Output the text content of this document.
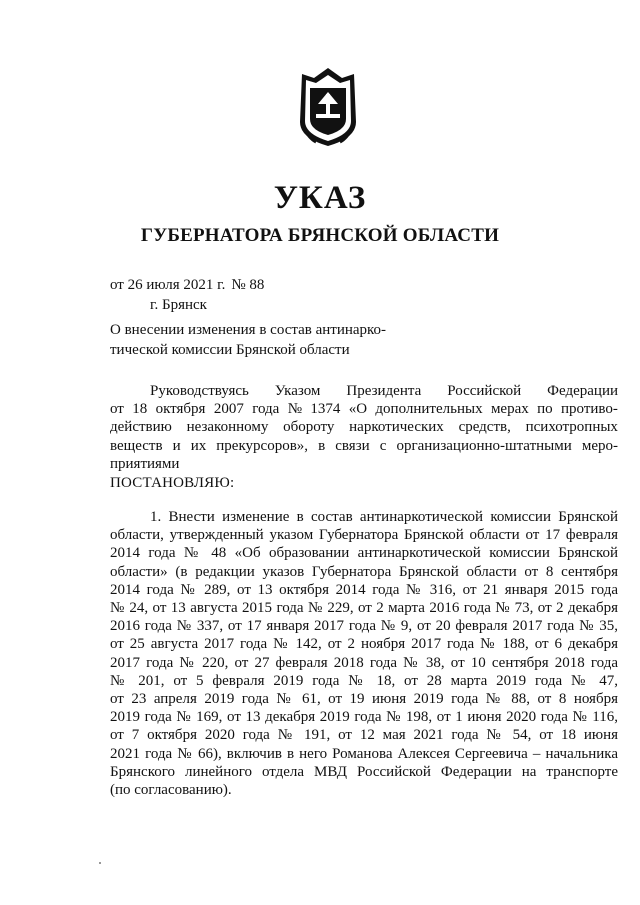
УКАЗ
ГУБЕРНАТОРА БРЯНСКОЙ ОБЛАСТИ
от 26 июля 2021 г. № 88
г. Брянск
О внесении изменения в состав антинарко-
тической комиссии Брянской области
Руководствуясь Указом Президента Российской Федерации
от 18 октября 2007 года № 1374 «О дополнительных мерах по противо-
действию незаконному обороту наркотических средств, психотропных
веществ и их прекурсоров», в связи с организационно-штатными меро-
приятиями
ПОСТАНОВЛЯЮ:
1. Внести изменение в состав антинаркотической комиссии Брянской
области, утвержденный указом Губернатора Брянской области от 17 февраля
2014 года № 48 «Об образовании антинаркотической комиссии Брянской
области» (в редакции указов Губернатора Брянской области от 8 сентября
2014 года № 289, от 13 октября 2014 года № 316, от 21 января 2015 года
№ 24, от 13 августа 2015 года № 229, от 2 марта 2016 года № 73, от 2 декабря
2016 года № 337, от 17 января 2017 года № 9, от 20 февраля 2017 года № 35,
от 25 августа 2017 года № 142, от 2 ноября 2017 года № 188, от 6 декабря
2017 года № 220, от 27 февраля 2018 года № 38, от 10 сентября 2018 года
№ 201, от 5 февраля 2019 года № 18, от 28 марта 2019 года № 47,
от 23 апреля 2019 года № 61, от 19 июня 2019 года № 88, от 8 ноября
2019 года № 169, от 13 декабря 2019 года № 198, от 1 июня 2020 года № 116,
от 7 октября 2020 года № 191, от 12 мая 2021 года № 54, от 18 июня
2021 года № 66), включив в него Романова Алексея Сергеевича – начальника
Брянского линейного отдела МВД Российской Федерации на транспорте
(по согласованию).
